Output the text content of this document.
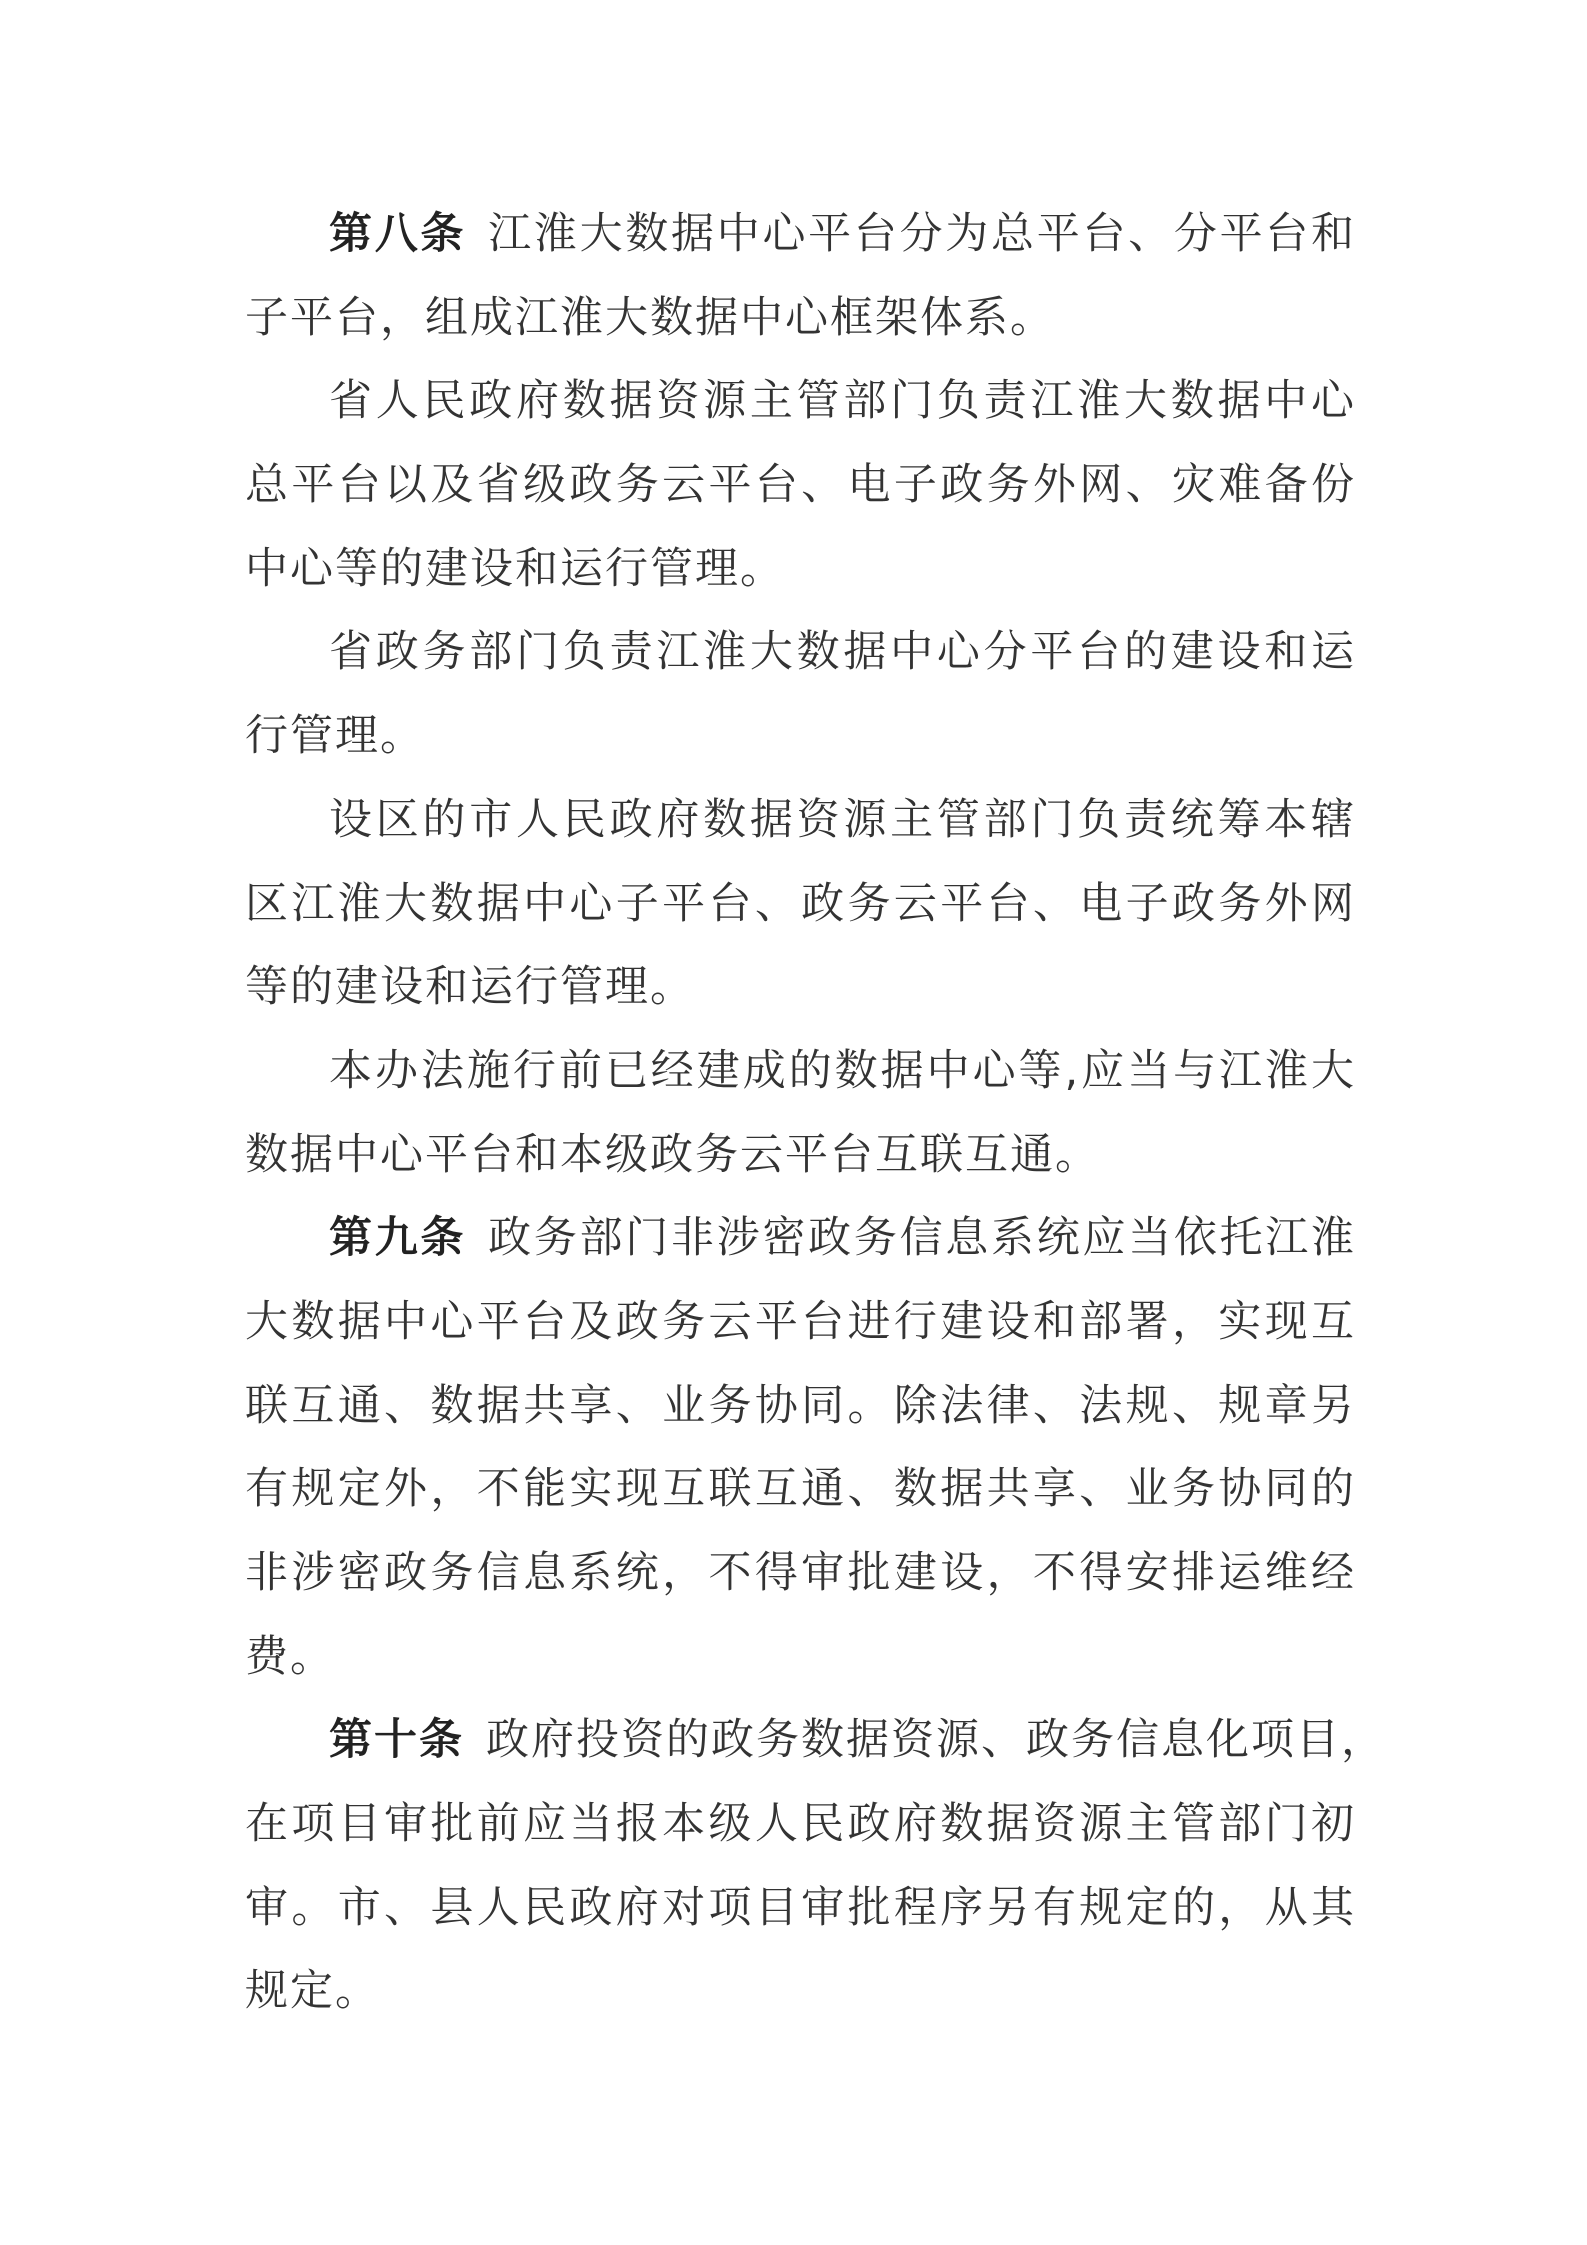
第八条 江淮大数据中心平台分为总平台、分平台和
子平台，组成江淮大数据中心框架体系。
省人民政府数据资源主管部门负责江淮大数据中心
总平台以及省级政务云平台、电子政务外网、灾难备份
中心等的建设和运行管理。
省政务部门负责江淮大数据中心分平台的建设和运
行管理。
设区的市人民政府数据资源主管部门负责统筹本辖
区江淮大数据中心子平台、政务云平台、电子政务外网
等的建设和运行管理。
本办法施行前已经建成的数据中心等,应当与江淮大
数据中心平台和本级政务云平台互联互通。
第九条 政务部门非涉密政务信息系统应当依托江淮
大数据中心平台及政务云平台进行建设和部署，实现互
联互通、数据共享、业务协同。除法律、法规、规章另
有规定外，不能实现互联互通、数据共享、业务协同的
非涉密政务信息系统，不得审批建设，不得安排运维经
费。
第十条 政府投资的政务数据资源、政务信息化项目，
在项目审批前应当报本级人民政府数据资源主管部门初
审。市、县人民政府对项目审批程序另有规定的，从其
规定。
